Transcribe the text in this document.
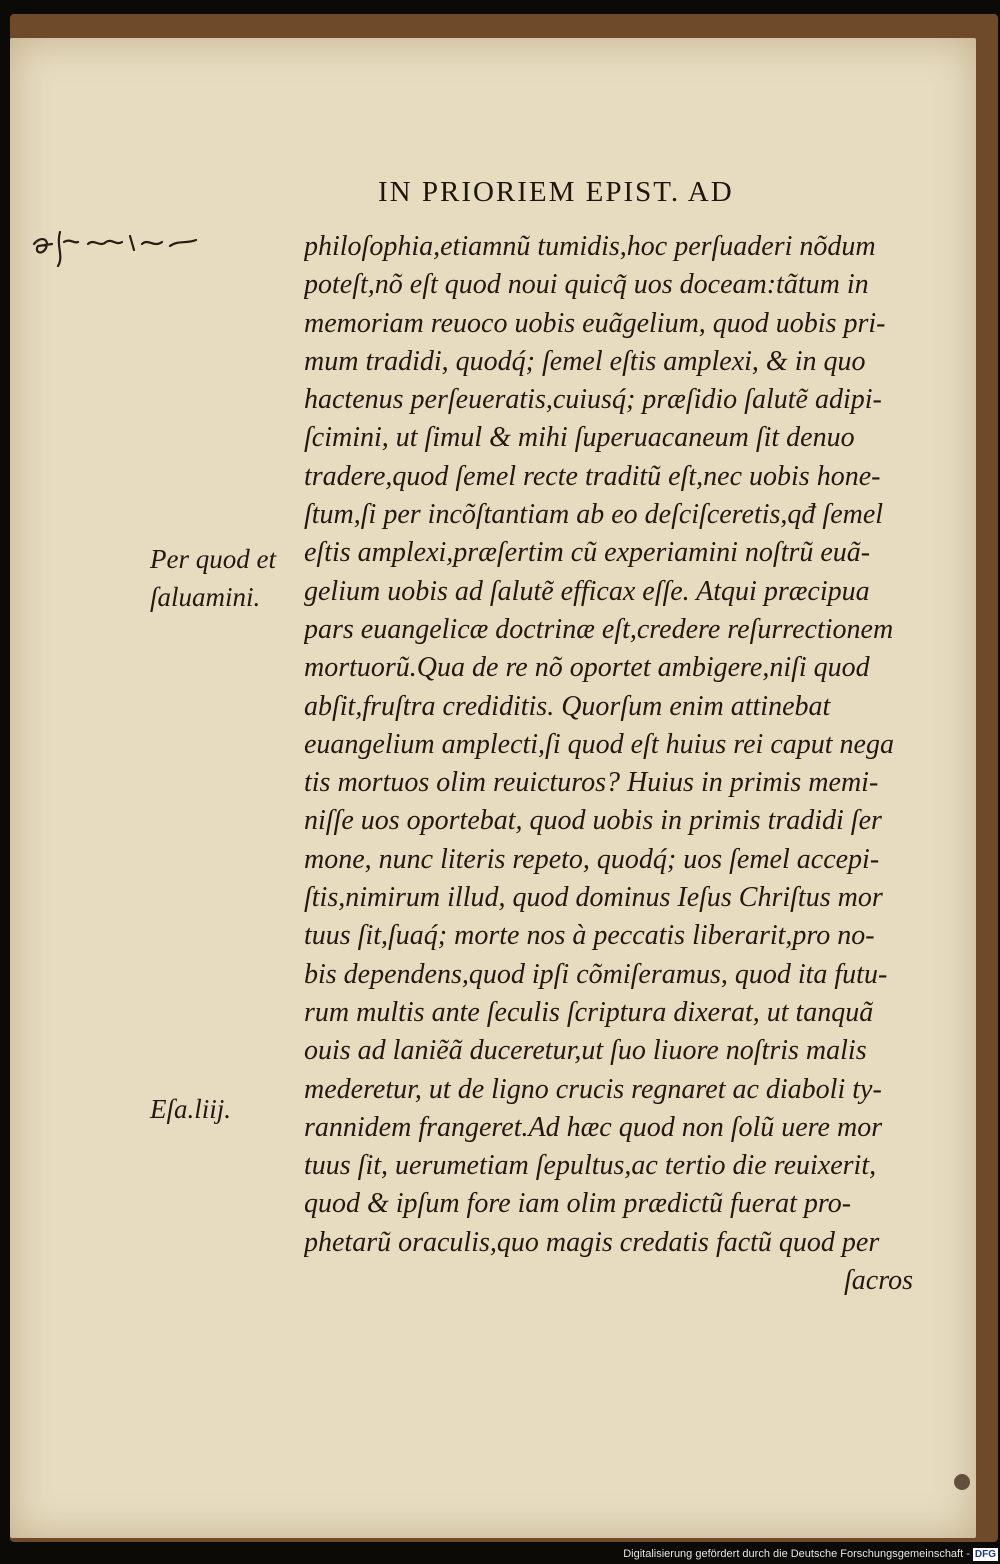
IN PRIORIEM EPIST. AD
Per quod et
ſaluamini.
Eſa.liij.
philoſophia,etiamnũ tumidis,hoc perſuaderi nõdum
poteſt,nõ eſt quod noui quicq̃ uos doceam:tãtum in
memoriam reuoco uobis euãgelium, quod uobis pri-
mum tradidi, quodq́; ſemel eſtis amplexi, & in quo
hactenus perſeueratis,cuiusq́; præſidio ſalutẽ adipi-
ſcimini, ut ſimul & mihi ſuperuacaneum ſit denuo
tradere,quod ſemel recte traditũ eſt,nec uobis hone-
ſtum,ſi per incõſtantiam ab eo deſciſceretis,qđ ſemel
eſtis amplexi,præſertim cũ experiamini noſtrũ euã-
gelium uobis ad ſalutẽ efficax eſſe. Atqui præcipua
pars euangelicæ doctrinæ eſt,credere reſurrectionem
mortuorũ.Qua de re nõ oportet ambigere,niſi quod
abſit,fruſtra crediditis. Quorſum enim attinebat
euangelium amplecti,ſi quod eſt huius rei caput nega
tis mortuos olim reuicturos? Huius in primis memi-
niſſe uos oportebat, quod uobis in primis tradidi ſer
mone, nunc literis repeto, quodq́; uos ſemel accepi-
ſtis,nimirum illud, quod dominus Ieſus Chriſtus mor
tuus ſit,ſuaq́; morte nos à peccatis liberarit,pro no-
bis dependens,quod ipſi cõmiſeramus, quod ita futu-
rum multis ante ſeculis ſcriptura dixerat, ut tanquã
ouis ad laniẽã duceretur,ut ſuo liuore noſtris malis
mederetur, ut de ligno crucis regnaret ac diaboli ty-
rannidem frangeret.Ad hæc quod non ſolũ uere mor
tuus ſit, uerumetiam ſepultus,ac tertio die reuixerit,
quod & ipſum fore iam olim prædictũ fuerat pro-
phetarũ oraculis,quo magis credatis factũ quod per
ſacros
Digitalisierung gefördert durch die Deutsche Forschungsgemeinschaft - DFG
